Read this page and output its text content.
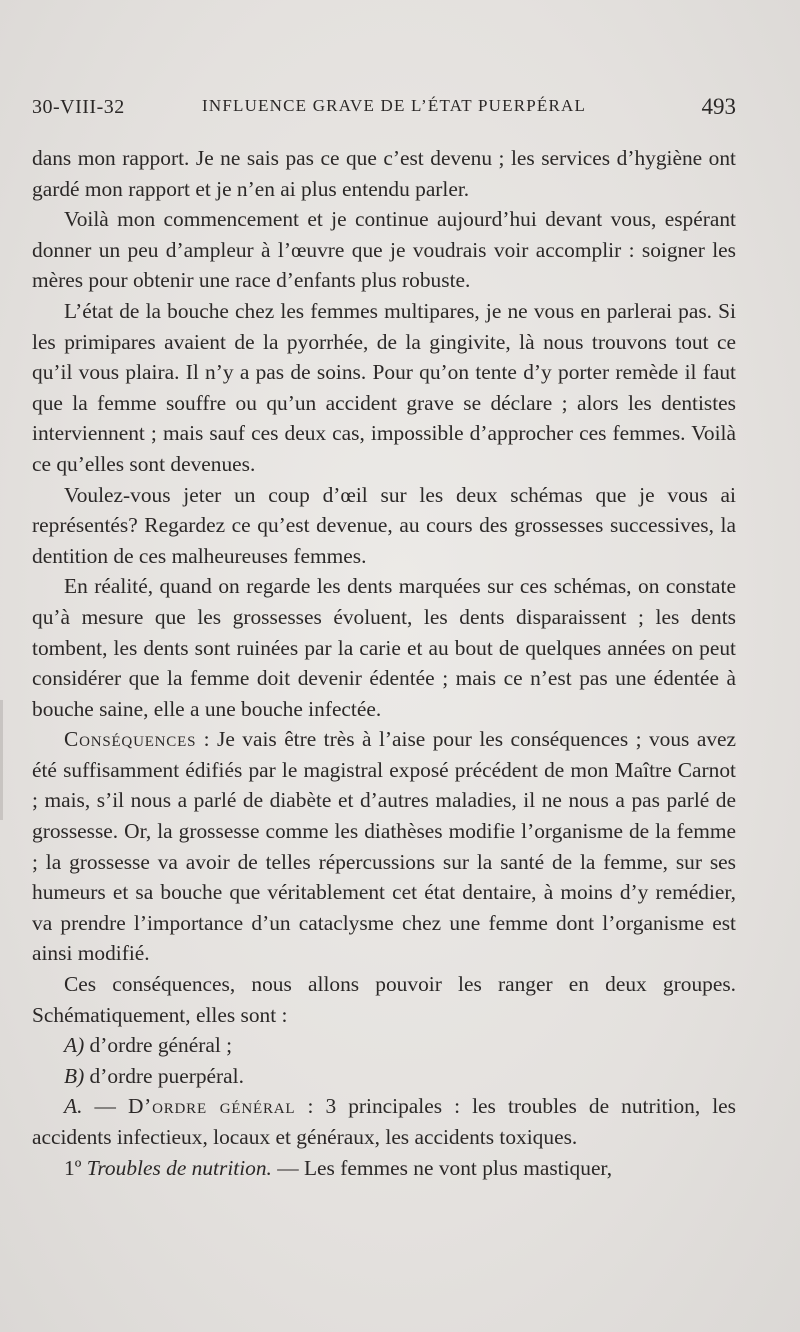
30-VIII-32	INFLUENCE GRAVE DE L’ÉTAT PUERPÉRAL	493

dans mon rapport. Je ne sais pas ce que c’est devenu ; les services d’hygiène ont gardé mon rapport et je n’en ai plus entendu parler.

Voilà mon commencement et je continue aujourd’hui devant vous, espérant donner un peu d’ampleur à l’œuvre que je voudrais voir accomplir : soigner les mères pour obtenir une race d’enfants plus robuste.

L’état de la bouche chez les femmes multipares, je ne vous en parlerai pas. Si les primipares avaient de la pyorrhée, de la gingivite, là nous trouvons tout ce qu’il vous plaira. Il n’y a pas de soins. Pour qu’on tente d’y porter remède il faut que la femme souffre ou qu’un accident grave se déclare ; alors les dentistes interviennent ; mais sauf ces deux cas, impossible d’approcher ces femmes. Voilà ce qu’elles sont devenues.

Voulez-vous jeter un coup d’œil sur les deux schémas que je vous ai représentés? Regardez ce qu’est devenue, au cours des grossesses successives, la dentition de ces malheureuses femmes.

En réalité, quand on regarde les dents marquées sur ces schémas, on constate qu’à mesure que les grossesses évoluent, les dents disparaissent ; les dents tombent, les dents sont ruinées par la carie et au bout de quelques années on peut considérer que la femme doit devenir édentée ; mais ce n’est pas une édentée à bouche saine, elle a une bouche infectée.

Conséquences : Je vais être très à l’aise pour les conséquences ; vous avez été suffisamment édifiés par le magistral exposé précédent de mon Maître Carnot ; mais, s’il nous a parlé de diabète et d’autres maladies, il ne nous a pas parlé de grossesse. Or, la grossesse comme les diathèses modifie l’organisme de la femme ; la grossesse va avoir de telles répercussions sur la santé de la femme, sur ses humeurs et sa bouche que véritablement cet état dentaire, à moins d’y remédier, va prendre l’importance d’un cataclysme chez une femme dont l’organisme est ainsi modifié.

Ces conséquences, nous allons pouvoir les ranger en deux groupes. Schématiquement, elles sont :

A) d’ordre général ;

B) d’ordre puerpéral.

A. — D’ordre général : 3 principales : les troubles de nutrition, les accidents infectieux, locaux et généraux, les accidents toxiques.

1º Troubles de nutrition. — Les femmes ne vont plus mastiquer,
